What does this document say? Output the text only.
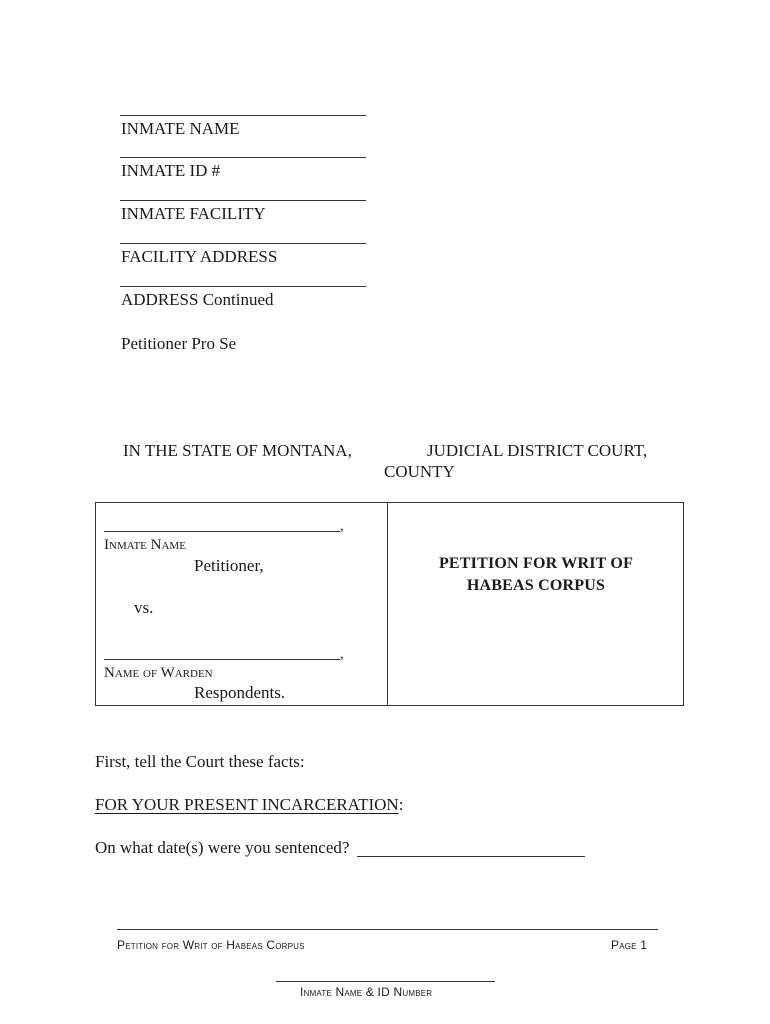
INMATE NAME
INMATE ID #
INMATE FACILITY
FACILITY ADDRESS
ADDRESS Continued
Petitioner Pro Se
IN THE STATE OF MONTANA,	JUDICIAL DISTRICT COURT,
COUNTY
,
Inmate Name
Petitioner,
vs.
,
Name of Warden
Respondents.
PETITION FOR WRIT OF
HABEAS CORPUS
First, tell the Court these facts:
FOR YOUR PRESENT INCARCERATION:
On what date(s) were you sentenced?
Petition for Writ of Habeas Corpus	Page 1
Inmate Name & ID Number
